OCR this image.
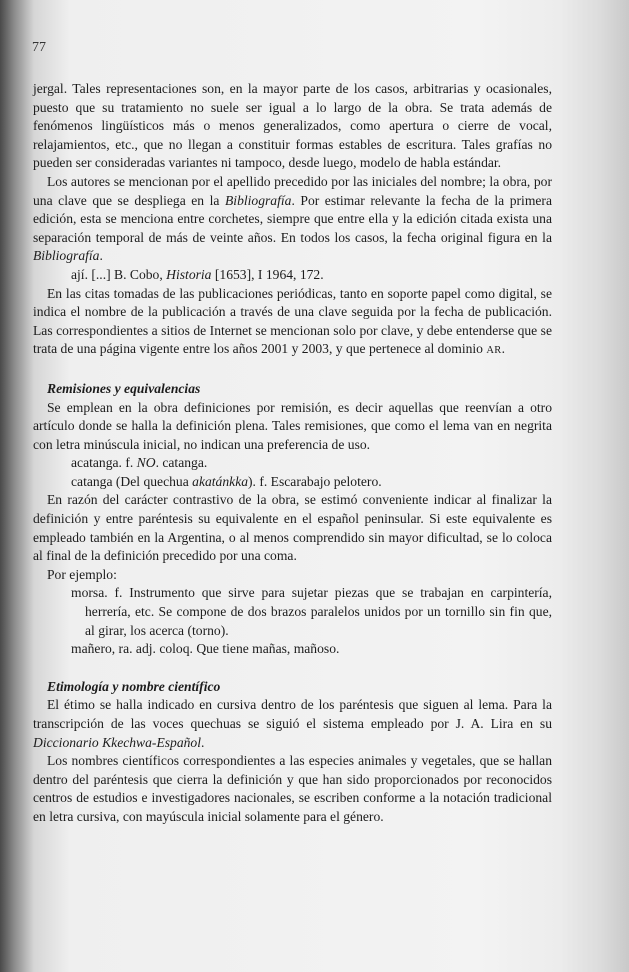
77

jergal. Tales representaciones son, en la mayor parte de los casos, arbitrarias y ocasionales, puesto que su tratamiento no suele ser igual a lo largo de la obra. Se trata además de fenómenos lingüísticos más o menos generalizados, como apertura o cierre de vocal, relajamientos, etc., que no llegan a constituir formas estables de escritura. Tales grafías no pueden ser consideradas variantes ni tampoco, desde luego, modelo de habla estándar.

Los autores se mencionan por el apellido precedido por las iniciales del nombre; la obra, por una clave que se despliega en la Bibliografía. Por estimar relevante la fecha de la primera edición, esta se menciona entre corchetes, siempre que entre ella y la edición citada exista una separación temporal de más de veinte años. En todos los casos, la fecha original figura en la Bibliografía.

ají. [...] B. Cobo, Historia [1653], I 1964, 172.

En las citas tomadas de las publicaciones periódicas, tanto en soporte papel como digital, se indica el nombre de la publicación a través de una clave seguida por la fecha de publicación. Las correspondientes a sitios de Internet se mencionan solo por clave, y debe entenderse que se trata de una página vigente entre los años 2001 y 2003, y que pertenece al dominio AR.

Remisiones y equivalencias

Se emplean en la obra definiciones por remisión, es decir aquellas que reenvían a otro artículo donde se halla la definición plena. Tales remisiones, que como el lema van en negrita con letra minúscula inicial, no indican una preferencia de uso.

acatanga. f. NO. catanga.

catanga (Del quechua akatánkka). f. Escarabajo pelotero.

En razón del carácter contrastivo de la obra, se estimó conveniente indicar al finalizar la definición y entre paréntesis su equivalente en el español peninsular. Si este equivalente es empleado también en la Argentina, o al menos comprendido sin mayor dificultad, se lo coloca al final de la definición precedido por una coma.

Por ejemplo:

morsa. f. Instrumento que sirve para sujetar piezas que se trabajan en carpintería, herrería, etc. Se compone de dos brazos paralelos unidos por un tornillo sin fin que, al girar, los acerca (torno).

mañero, ra. adj. coloq. Que tiene mañas, mañoso.

Etimología y nombre científico

El étimo se halla indicado en cursiva dentro de los paréntesis que siguen al lema. Para la transcripción de las voces quechuas se siguió el sistema empleado por J. A. Lira en su Diccionario Kkechwa-Español.

Los nombres científicos correspondientes a las especies animales y vegetales, que se hallan dentro del paréntesis que cierra la definición y que han sido proporcionados por reconocidos centros de estudios e investigadores nacionales, se escriben conforme a la notación tradicional en letra cursiva, con mayúscula inicial solamente para el género.
